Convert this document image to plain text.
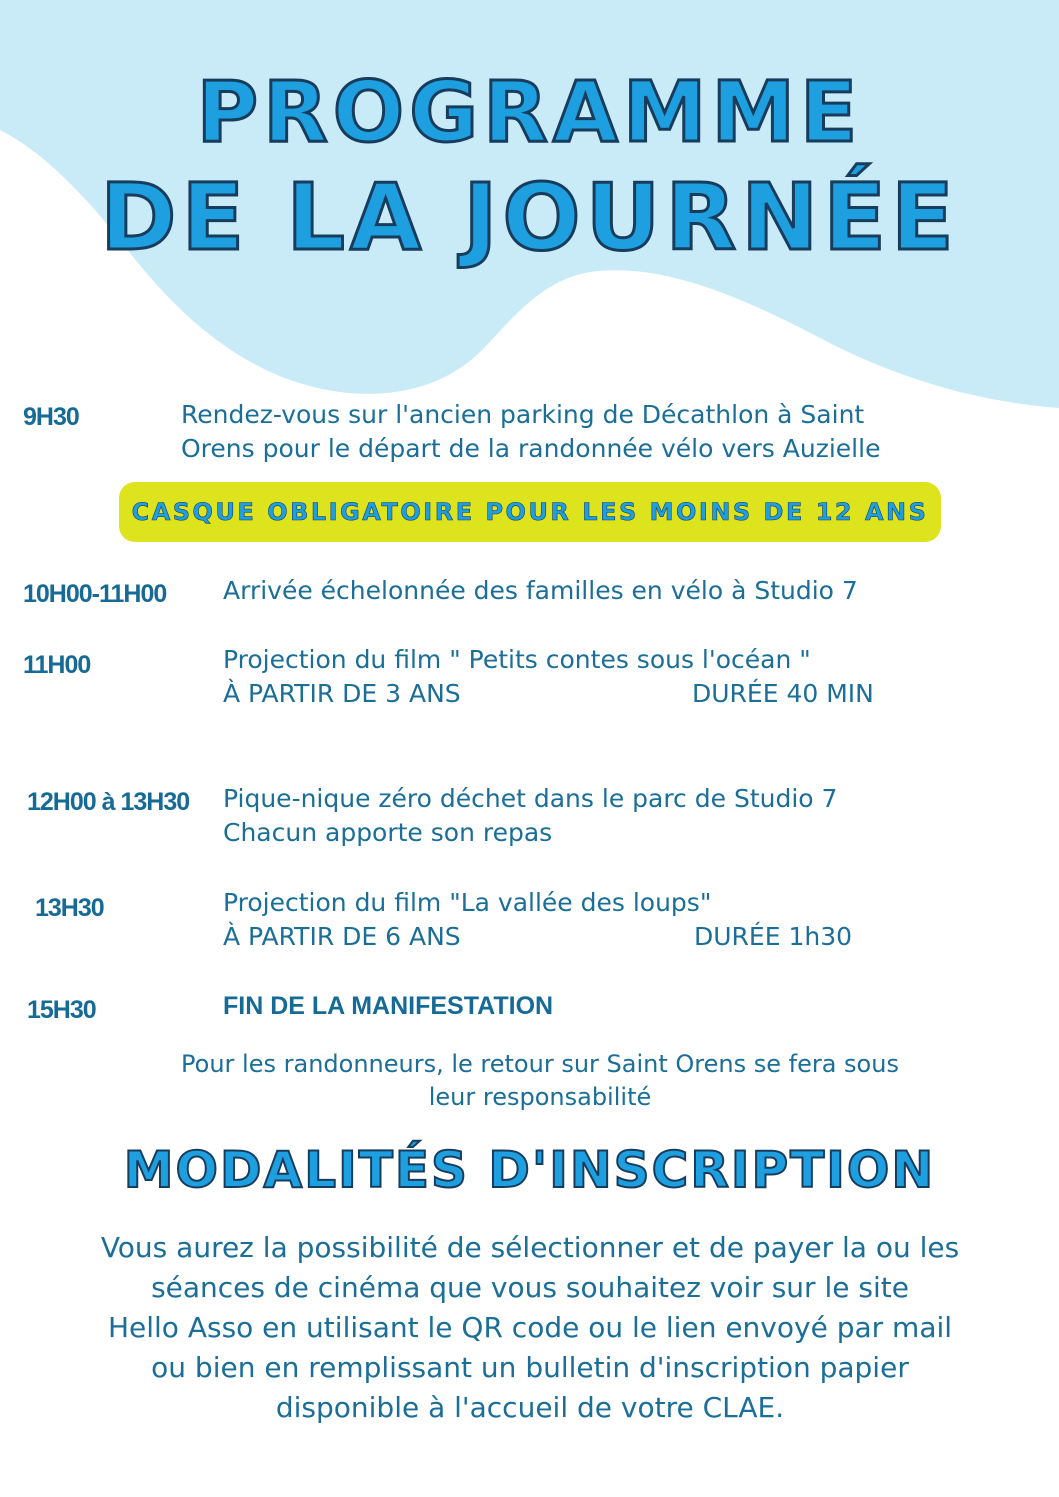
PROGRAMME
DE LA JOURNÉE
9H30	Rendez-vous sur l'ancien parking de Décathlon à Saint
Orens pour le départ de la randonnée vélo vers Auzielle
CASQUE OBLIGATOIRE POUR LES MOINS DE 12 ANS
10H00-11H00 Arrivée échelonnée des familles en vélo à Studio 7
11H00	Projection du film " Petits contes sous l'océan "
À PARTIR DE 3 ANS	DURÉE 40 MIN
12H00 à 13H30 Pique-nique zéro déchet dans le parc de Studio 7
Chacun apporte son repas
13H30	Projection du film "La vallée des loups"
À PARTIR DE 6 ANS	DURÉE 1h30
15H30	FIN DE LA MANIFESTATION
Pour les randonneurs, le retour sur Saint Orens se fera sous
leur responsabilité
MODALITÉS D'INSCRIPTION
Vous aurez la possibilité de sélectionner et de payer la ou les
séances de cinéma que vous souhaitez voir sur le site
Hello Asso en utilisant le QR code ou le lien envoyé par mail
ou bien en remplissant un bulletin d'inscription papier
disponible à l'accueil de votre CLAE.
